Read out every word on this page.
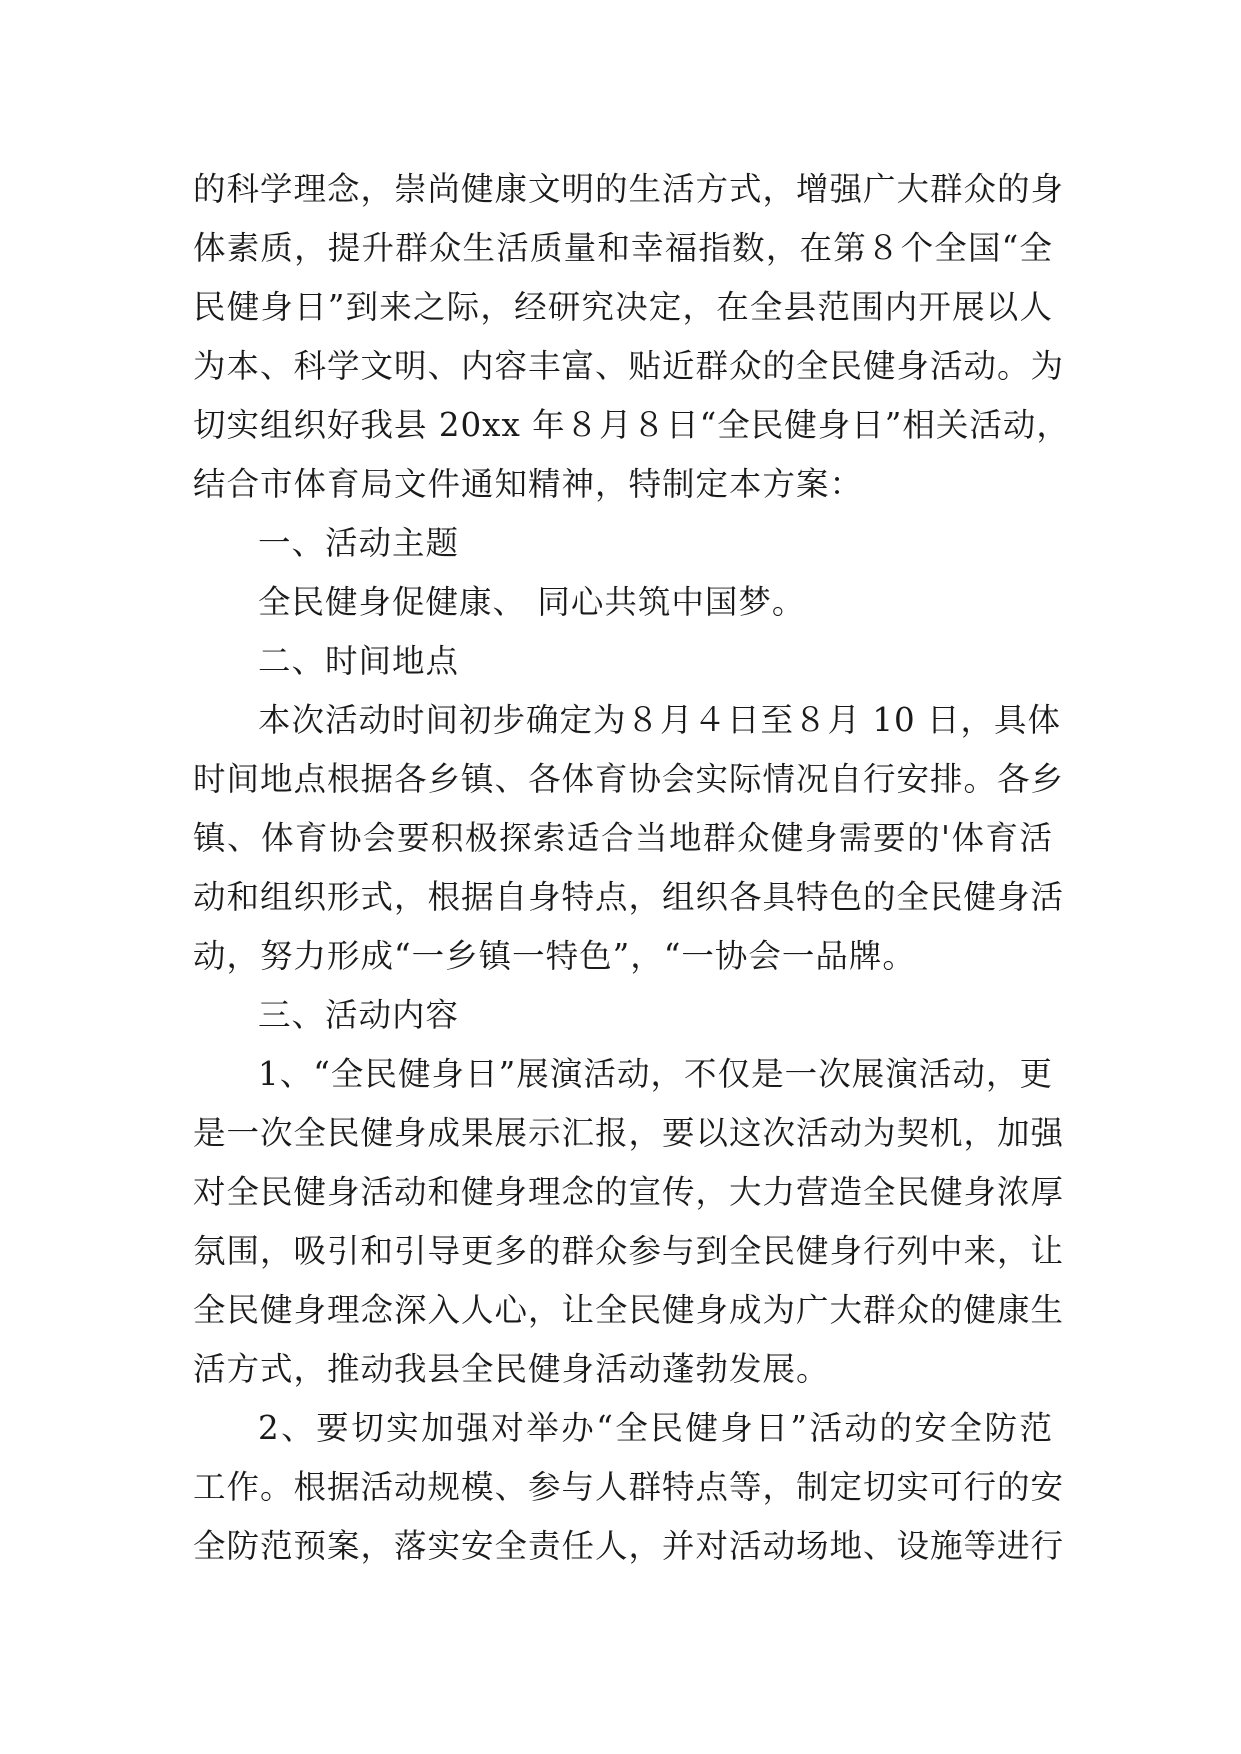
的科学理念，崇尚健康文明的生活方式，增强广大群众的身
体素质，提升群众生活质量和幸福指数，在第８个全国“全
民健身日”到来之际，经研究决定，在全县范围内开展以人
为本、科学文明、内容丰富、贴近群众的全民健身活动。为
切实组织好我县 20xx 年８月８日“全民健身日”相关活动，
结合市体育局文件通知精神，特制定本方案：
一、活动主题
全民健身促健康、 同心共筑中国梦。
二、时间地点
本次活动时间初步确定为８月４日至８月 10 日，具体
时间地点根据各乡镇、各体育协会实际情况自行安排。各乡
镇、体育协会要积极探索适合当地群众健身需要的'体育活
动和组织形式，根据自身特点，组织各具特色的全民健身活
动，努力形成“一乡镇一特色”，“一协会一品牌。
三、活动内容
1、“全民健身日”展演活动，不仅是一次展演活动，更
是一次全民健身成果展示汇报，要以这次活动为契机，加强
对全民健身活动和健身理念的宣传，大力营造全民健身浓厚
氛围，吸引和引导更多的群众参与到全民健身行列中来，让
全民健身理念深入人心，让全民健身成为广大群众的健康生
活方式，推动我县全民健身活动蓬勃发展。
2、要切实加强对举办“全民健身日”活动的安全防范
工作。根据活动规模、参与人群特点等，制定切实可行的安
全防范预案，落实安全责任人，并对活动场地、设施等进行
